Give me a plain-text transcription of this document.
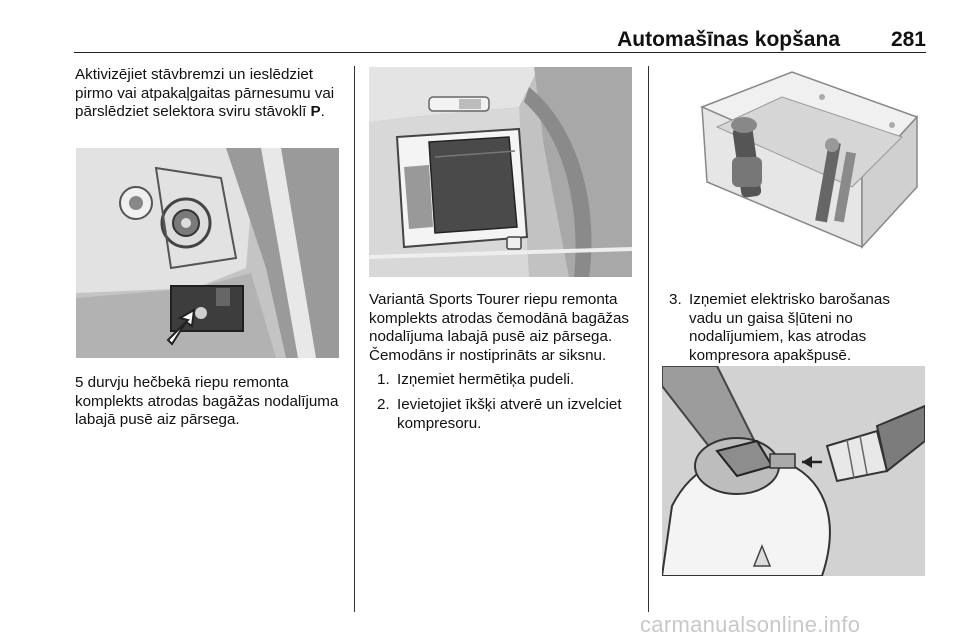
Automašīnas kopšana 281

Aktivizējiet stāvbremzi un ieslēdziet pirmo vai atpakaļgaitas pārnesumu vai pārslēdziet selektora sviru stāvoklī P.

5 durvju hečbekā riepu remonta komplekts atrodas bagāžas nodalījuma labajā pusē aiz pārsega.

Variantā Sports Tourer riepu remonta komplekts atrodas čemodānā bagāžas nodalījuma labajā pusē aiz pārsega. Čemodāns ir nostiprināts ar siksnu.

1. Izņemiet hermētiķa pudeli.
2. Ievietojiet īkšķi atverē un izvelciet kompresoru.
3. Izņemiet elektrisko barošanas vadu un gaisa šļūteni no nodalījumiem, kas atrodas kompresora apakšpusē.
carmanualsonline.info
